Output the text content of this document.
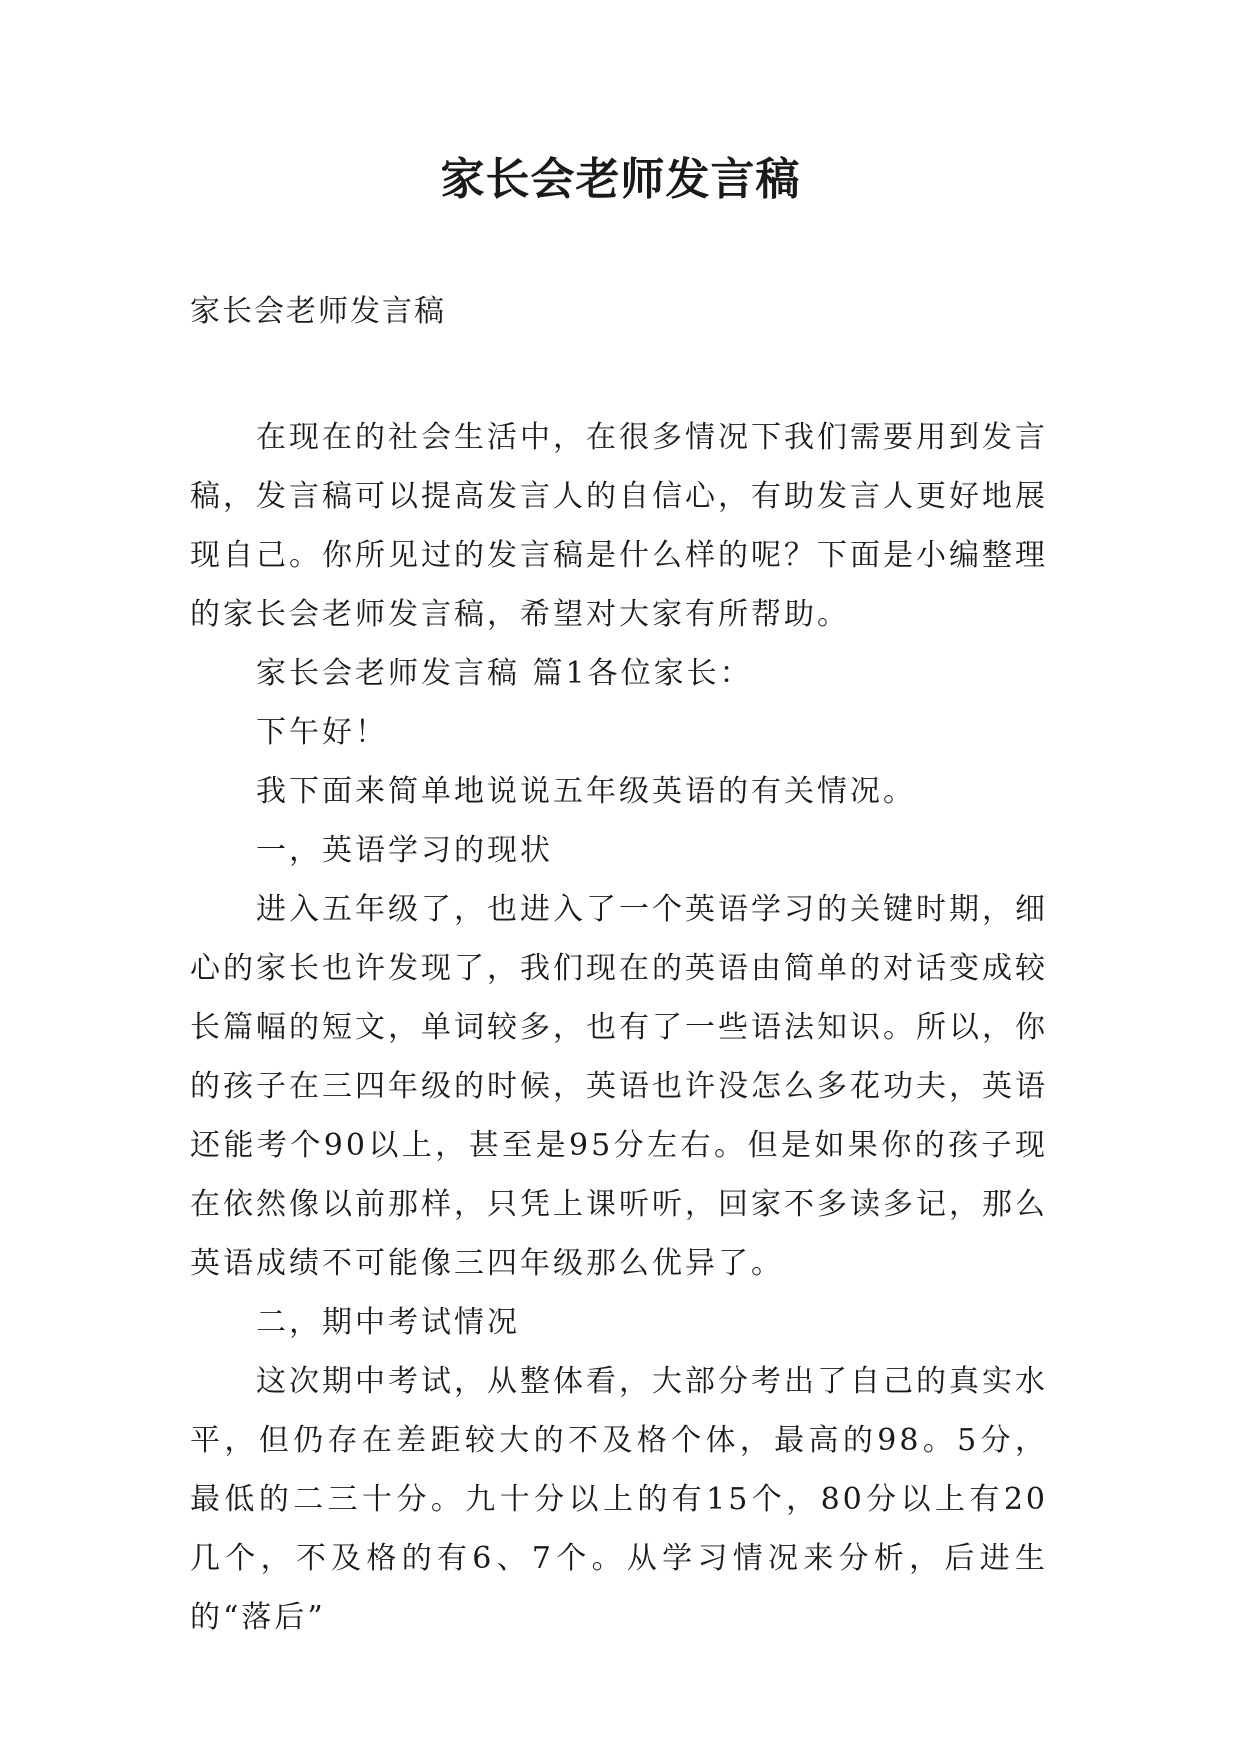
家长会老师发言稿

家长会老师发言稿

在现在的社会生活中，在很多情况下我们需要用到发言稿，发言稿可以提高发言人的自信心，有助发言人更好地展现自己。你所见过的发言稿是什么样的呢？下面是小编整理的家长会老师发言稿，希望对大家有所帮助。

家长会老师发言稿 篇1各位家长：

下午好！

我下面来简单地说说五年级英语的有关情况。

一，英语学习的现状

进入五年级了，也进入了一个英语学习的关键时期，细心的家长也许发现了，我们现在的英语由简单的对话变成较长篇幅的短文，单词较多，也有了一些语法知识。所以，你的孩子在三四年级的时候，英语也许没怎么多花功夫，英语还能考个90以上，甚至是95分左右。但是如果你的孩子现在依然像以前那样，只凭上课听听，回家不多读多记，那么英语成绩不可能像三四年级那么优异了。

二，期中考试情况

这次期中考试，从整体看，大部分考出了自己的真实水平，但仍存在差距较大的不及格个体，最高的98。5分，最低的二三十分。九十分以上的有15个，80分以上有20几个，不及格的有6、7个。从学习情况来分析，后进生的“落后”
